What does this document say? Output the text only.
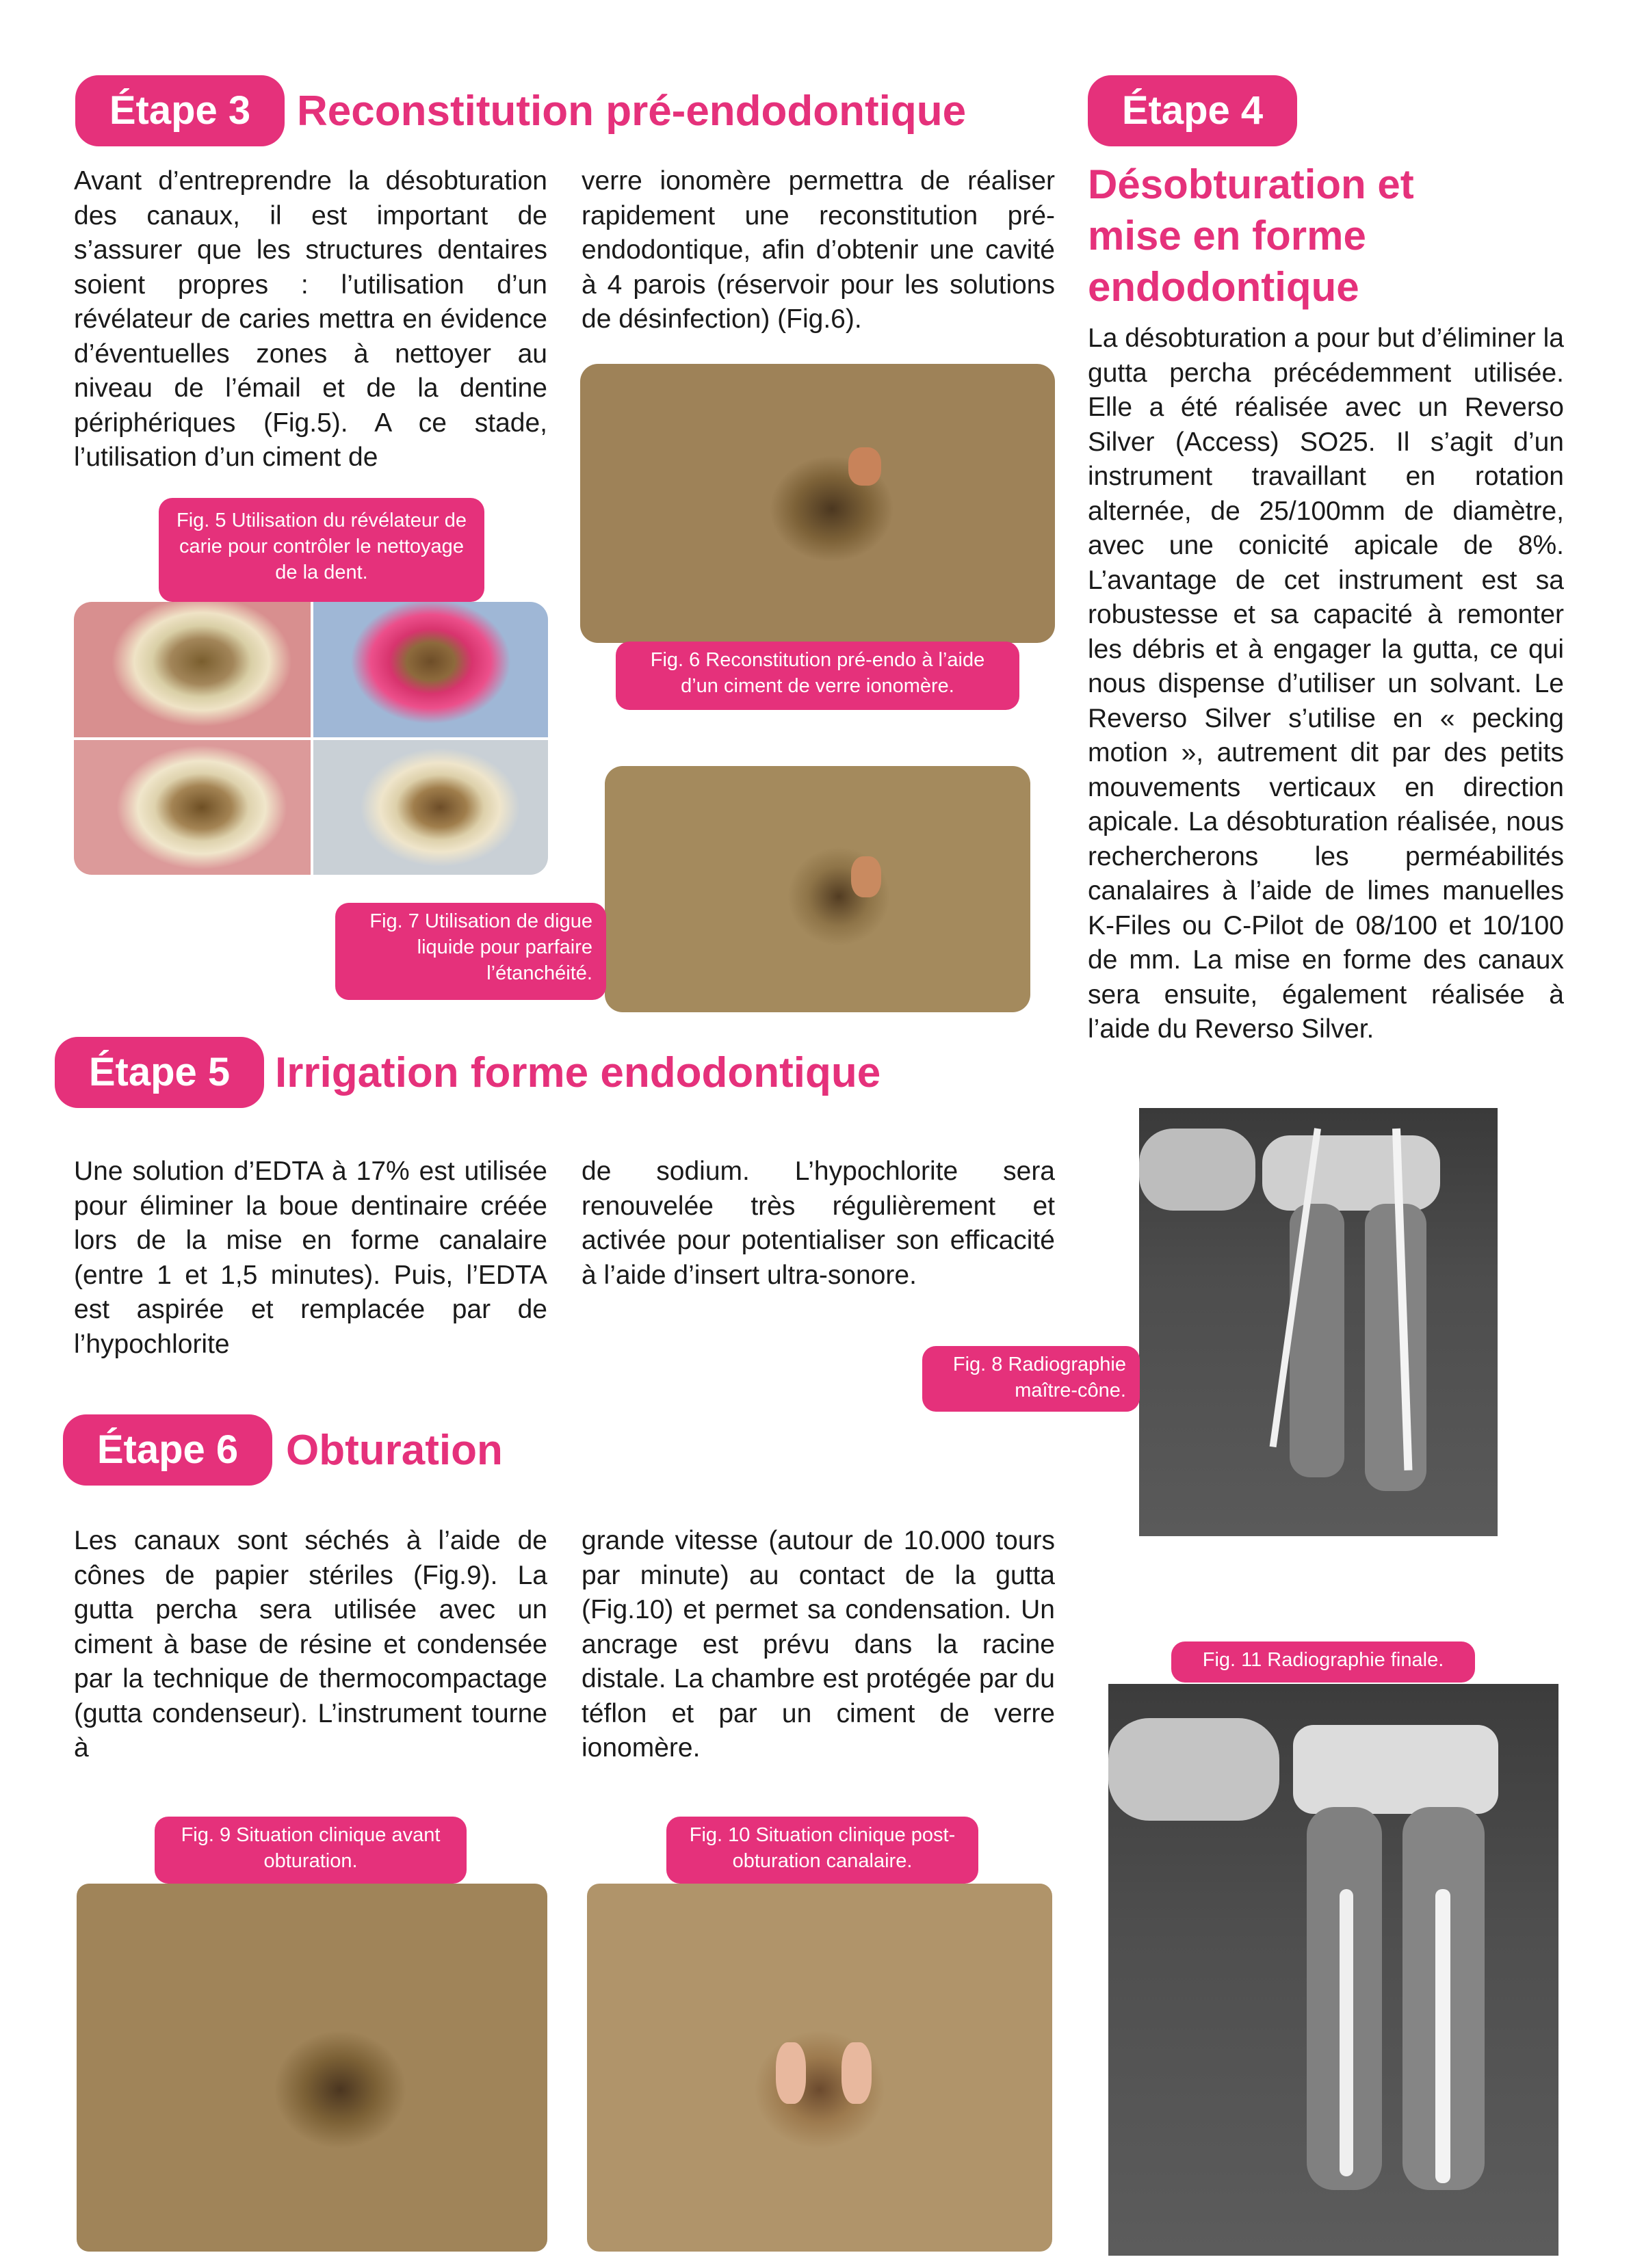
Étape 3	Reconstitution pré-endodontique

Avant d’entreprendre la désobturation des canaux, il est important de s’assurer que les structures dentaires soient propres : l’utilisation d’un révélateur de caries mettra en évidence d’éventuelles zones à nettoyer au niveau de l’émail et de la dentine périphériques (Fig.5). A ce stade, l’utilisation d’un ciment de

verre ionomère permettra de réaliser rapidement une reconstitution pré-endodontique, afin d’obtenir une cavité à 4 parois (réservoir pour les solutions de désinfection) (Fig.6).

Fig. 5 Utilisation du révélateur de carie pour contrôler le nettoyage de la dent.
Fig. 6 Reconstitution pré-endo à l’aide d’un ciment de verre ionomère.
Fig. 7 Utilisation de digue liquide pour parfaire l’étanchéité.
Étape 4
Désobturation et mise en forme endodontique

La désobturation a pour but d’éliminer la gutta percha précédemment utilisée. Elle a été réalisée avec un Reverso Silver (Access) SO25. Il s’agit d’un instrument travaillant en rotation alternée, de 25/100mm de diamètre, avec une conicité apicale de 8%. L’avantage de cet instrument est sa robustesse et sa capacité à remonter les débris et à engager la gutta, ce qui nous dispense d’utiliser un solvant. Le Reverso Silver s’utilise en « pecking motion », autrement dit par des petits mouvements verticaux en direction apicale. La désobturation réalisée, nous rechercherons les perméabilités canalaires à l’aide de limes manuelles K-Files ou C-Pilot de 08/100 et 10/100 de mm. La mise en forme des canaux sera ensuite, également réalisée à l’aide du Reverso Silver.

Fig. 8 Radiographie maître-cône.
Fig. 11 Radiographie finale.
Étape 5	Irrigation forme endodontique

Une solution d’EDTA à 17% est utilisée pour éliminer la boue dentinaire créée lors de la mise en forme canalaire (entre 1 et 1,5 minutes). Puis, l’EDTA est aspirée et remplacée par de l’hypochlorite

de sodium. L’hypochlorite sera renouvelée très régulièrement et activée pour potentialiser son efficacité à l’aide d’insert ultra-sonore.

Étape 6	Obturation

Les canaux sont séchés à l’aide de cônes de papier stériles (Fig.9). La gutta percha sera utilisée avec un ciment à base de résine et condensée par la technique de thermocompactage (gutta condenseur). L’instrument tourne à

grande vitesse (autour de 10.000 tours par minute) au contact de la gutta (Fig.10) et permet sa condensation. Un ancrage est prévu dans la racine distale. La chambre est protégée par du téflon et par un ciment de verre ionomère.

Fig. 9 Situation clinique avant obturation.
Fig. 10 Situation clinique post-obturation canalaire.
